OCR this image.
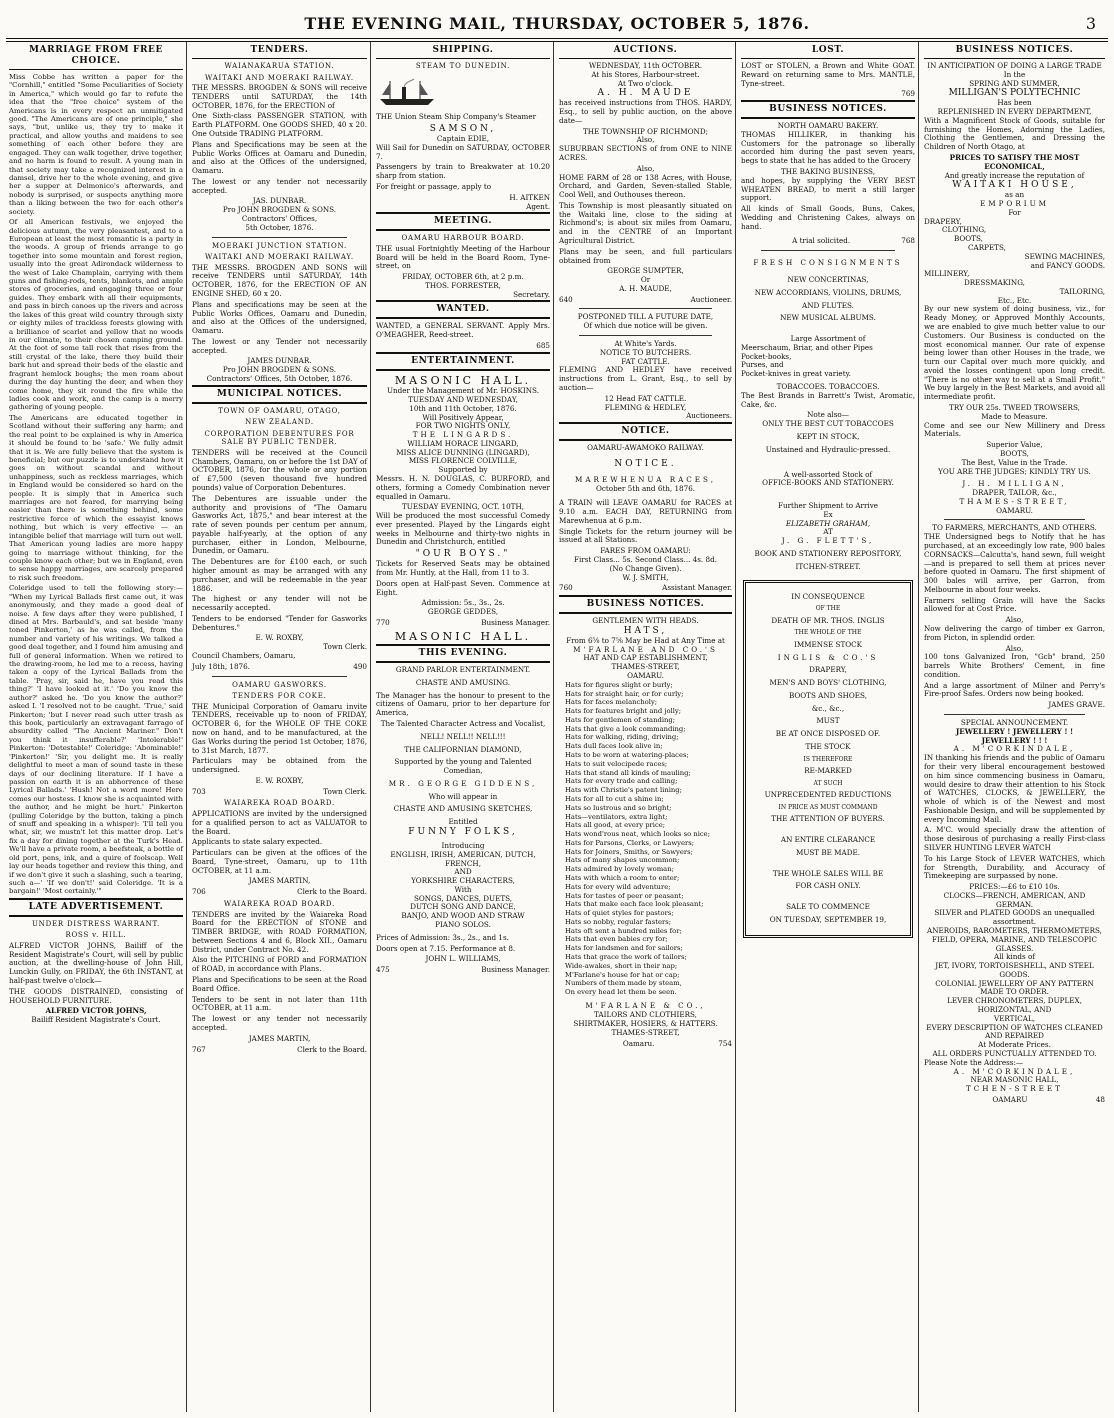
THE EVENING MAIL, THURSDAY, OCTOBER 5, 1876.	3
MARRIAGE FROM FREE CHOICE.

Miss Cobbe has written a paper for the "Cornhill," entitled "Some Peculiarities of Society in America," which would go far to refute the idea that the "free choice" system of the Americans is in every respect an unmitigated good. "The Americans are of one principle," she says, "but, unlike us, they try to make it practical, and allow youths and maidens to see something of each other before they are engaged. They can walk together, drive together, and no harm is found to result. A young man in that society may take a recognized interest in a damsel, drive her to the whole evening, and give her a supper at Delmonico's afterwards, and nobody is surprised, or suspects anything more than a liking between the two for each other's society.

Of all American festivals, we enjoyed the delicious autumn, the very pleasantest, and to a European at least the most romantic is a party in the woods. A group of friends arrange to go together into some mountain and forest region, usually into the great Adirondack wilderness to the west of Lake Champlain, carrying with them guns and fishing-rods, tents, blankets, and ample stores of groceries, and engaging three or four guides. They embark with all their equipments, and pass in birch canoes up the rivers and across the lakes of this great wild country through sixty or eighty miles of trackless forests glowing with a brilliance of scarlet and yellow that no woods in our climate, to their chosen camping ground. At the foot of some tall rock that rises from the still crystal of the lake, there they build their bark hut and spread their beds of the elastic and fragrant hemlock boughs; the men roam about during the day hunting the deer, and when they come home, they sit round the fire while the ladies cook and work, and the camp is a merry gathering of young people.

The Americans are educated together in Scotland without their suffering any harm; and the real point to be explained is why in America it should be found to be 'safe.' We fully admit that it is. We are fully believe that the system is beneficial; but our puzzle is to understand how it goes on without scandal and without unhappiness, such as reckless marriages, which in England would be considered so hard on the people. It is simply that in America such marriages are not feared, for marrying being easier than there is something behind, some restrictive force of which the essayist knows nothing, but which is very effective — an intangible belief that marriage will turn out well. That American young ladies are more happy going to marriage without thinking, for the couple know each other; but we in England, even to sense happy marriages, are scarcely prepared to risk such freedom.

Coleridge used to tell the following story:— "When my Lyrical Ballads first came out, it was anonymously, and they made a good deal of noise. A few days after they were published, I dined at Mrs. Barbauld's, and sat beside 'many toned Pinkerton,' as he was called, from the number and variety of his writings. We talked a good deal together, and I found him amusing and full of general information. When we retired to the drawing-room, he led me to a recess, having taken a copy of the Lyrical Ballads from the table. 'Pray, sir, said he, have you read this thing?' 'I have looked at it.' 'Do you know the author?' asked he. 'Do you know the author?' asked I. 'I resolved not to be caught. 'True,' said Pinkerton; 'but I never read such utter trash as this book, particularly an extravagant farrago of absurdity called "The Ancient Mariner." Don't you think it insufferable?' 'Intolerable!' Pinkerton: 'Detestable!' Coleridge: 'Abominable!' 'Pinkerton!' 'Sir, you delight me. It is really delightful to meet a man of sound taste in these days of our declining literature. If I have a passion on earth it is an abhorrence of these Lyrical Ballads.' 'Hush! Not a word more! Here comes our hostess. I know she is acquainted with the author, and he might be hurt.' Pinkerton (pulling Coleridge by the button, taking a pinch of snuff and speaking in a whisper): 'I'll tell you what, sir, we mustn't let this matter drop. Let's fix a day for dining together at the Turk's Head. We'll have a private room, a beefsteak, a bottle of old port, pens, ink, and a quire of foolscap. Well lay our heads together and review this thing, and if we don't give it such a slashing, such a tearing, such a—' 'If we don't!' said Coleridge. 'It is a bargain!' 'Most certainly.'"

LATE ADVERTISEMENT.
UNDER DISTRESS WARRANT.
ROSS v. HILL.

ALFRED VICTOR JOHNS, Bailiff of the Resident Magistrate's Court, will sell by public auction, at the dwelling-house of John Hill, Lunckin Gully, on FRIDAY, the 6th INSTANT, at half-past twelve o'clock—

THE GOODS DISTRAINED, consisting of HOUSEHOLD FURNITURE.

ALFRED VICTOR JOHNS,
Bailiff Resident Magistrate's Court.
TENDERS.
WAIANAKARUA STATION.
WAITAKI AND MOERAKI RAILWAY.

THE MESSRS. BROGDEN & SONS will receive TENDERS until SATURDAY, the 14th OCTOBER, 1876, for the ERECTION of

One Sixth-class PASSENGER STATION, with Earth PLATFORM. One GOODS SHED, 40 x 20. One Outside TRADING PLATFORM.

Plans and Specifications may be seen at the Public Works Offices at Oamaru and Dunedin, and also at the Offices of the undersigned, Oamaru.

The lowest or any tender not necessarily accepted.

JAS. DUNBAR.
Pro JOHN BROGDEN & SONS.
Contractors' Offices,
5th October, 1876.
MOERAKI JUNCTION STATION.
WAITAKI AND MOERAKI RAILWAY.

THE MESSRS. BROGDEN AND SONS will receive TENDERS until SATURDAY, 14th OCTOBER, 1876, for the ERECTION OF AN ENGINE SHED, 60 x 20.

Plans and specifications may be seen at the Public Works Offices, Oamaru and Dunedin, and also at the Offices of the undersigned, Oamaru.

The lowest or any Tender not necessarily accepted.

JAMES DUNBAR.
Pro JOHN BROGDEN & SONS.
Contractors' Offices, 5th October, 1876.
MUNICIPAL NOTICES.
TOWN OF OAMARU, OTAGO,
NEW ZEALAND.
CORPORATION DEBENTURES FOR SALE BY PUBLIC TENDER.

TENDERS will be received at the Council Chambers, Oamaru, on or before the 1st DAY of OCTOBER, 1876, for the whole or any portion of £7,500 (seven thousand five hundred pounds) value of Corporation Debentures.

The Debentures are issuable under the authority and provisions of "The Oamaru Gasworks Act, 1875," and bear interest at the rate of seven pounds per centum per annum, payable half-yearly, at the option of any purchaser, either in London, Melbourne, Dunedin, or Oamaru.

The Debentures are for £100 each, or such higher amount as may be arranged with any purchaser, and will be redeemable in the year 1886.

The highest or any tender will not be necessarily accepted.

Tenders to be endorsed "Tender for Gasworks Debentures."

E. W. ROXBY,
Town Clerk.
Council Chambers, Oamaru,
July 18th, 1876.	490
OAMARU GASWORKS.
TENDERS FOR COKE.

THE Municipal Corporation of Oamaru invite TENDERS, receivable up to noon of FRIDAY, OCTOBER 6, for the WHOLE OF THE COKE now on hand, and to be manufactured, at the Gas Works during the period 1st October, 1876, to 31st March, 1877.

Particulars may be obtained from the undersigned.

E. W. ROXBY,
703	Town Clerk.
WAIAREKA ROAD BOARD.

APPLICATIONS are invited by the undersigned for a qualified person to act as VALUATOR to the Board.

Applicants to state salary expected.

Particulars can be given at the offices of the Board, Tyne-street, Oamaru, up to 11th OCTOBER, at 11 a.m.

JAMES MARTIN,
706	Clerk to the Board.
WAIAREKA ROAD BOARD.

TENDERS are invited by the Waiareka Road Board for the ERECTION of STONE and TIMBER BRIDGE, with ROAD FORMATION, between Sections 4 and 6, Block XII., Oamaru District, under Contract No. 42.

Also the PITCHING of FORD and FORMATION of ROAD, in accordance with Plans.

Plans and Specifications to be seen at the Road Board Office.

Tenders to be sent in not later than 11th OCTOBER, at 11 a.m.

The lowest or any tender not necessarily accepted.

JAMES MARTIN,
767	Clerk to the Board.
SHIPPING.
STEAM TO DUNEDIN.

THE Union Steam Ship Company's Steamer

SAMSON,
Captain EDIE,

Will Sail for Dunedin on SATURDAY, OCTOBER 7.

Passengers by train to Breakwater at 10.20 sharp from station.

For freight or passage, apply to

H. AITKEN
Agent.
MEETING.
OAMARU HARBOUR BOARD.

THE usual Fortnightly Meeting of the Harbour Board will be held in the Board Room, Tyne-street, on

FRIDAY, OCTOBER 6th, at 2 p.m.
THOS. FORRESTER,
Secretary.
WANTED.

WANTED, a GENERAL SERVANT. Apply Mrs. O'MEAGHER, Reed-street.

685
ENTERTAINMENT.
MASONIC HALL.
Under the Management of Mr. HOSKINS.
TUESDAY AND WEDNESDAY,
10th and 11th October, 1876.
Will Positively Appear,
FOR TWO NIGHTS ONLY,
THE LINGARDS.
WILLIAM HORACE LINGARD,
MISS ALICE DUNNING (LINGARD),
MISS FLORENCE COLVILLE,
Supported by

Messrs. H. N. DOUGLAS, C. BURFORD, and others, forming a Comedy Combination never equalled in Oamaru.

TUESDAY EVENING, OCT. 10TH,

Will be produced the most successful Comedy ever presented. Played by the Lingards eight weeks in Melbourne and thirty-two nights in Dunedin and Christchurch, entitled

"OUR BOYS."

Tickets for Reserved Seats may be obtained from Mr. Huntly, at the Hall, from 11 to 3.

Doors open at Half-past Seven. Commence at Eight.

Admission: 5s., 3s., 2s.
GEORGE GEDDES,
770	Business Manager.
MASONIC HALL.
THIS EVENING.
GRAND PARLOR ENTERTAINMENT.
CHASTE AND AMUSING.

The Manager has the honour to present to the citizens of Oamaru, prior to her departure for America,

The Talented Character Actress and Vocalist,
NELL! NELL!! NELL!!!
THE CALIFORNIAN DIAMOND,
Supported by the young and Talented Comedian,
MR. GEORGE GIDDENS,
Who will appear in
CHASTE AND AMUSING SKETCHES,
Entitled
FUNNY FOLKS,
Introducing
ENGLISH, IRISH, AMERICAN, DUTCH, FRENCH,
AND
YORKSHIRE CHARACTERS,
With
SONGS, DANCES, DUETS,
DUTCH SONG AND DANCE,
BANJO, AND WOOD AND STRAW
PIANO SOLOS.

Prices of Admission: 3s., 2s., and 1s.

Doors open at 7.15. Performance at 8.

JOHN L. WILLIAMS,
475	Business Manager.
AUCTIONS.
WEDNESDAY, 11th OCTOBER.
At his Stores, Harbour-street.
At Two o'clock.
A. H. MAUDE

has received instructions from THOS. HARDY, Esq., to sell by public auction, on the above date—

THE TOWNSHIP OF RICHMOND;
Also,

SUBURBAN SECTIONS of from ONE to NINE ACRES.

Also,

HOME FARM of 28 or 138 Acres, with House, Orchard, and Garden, Seven-stalled Stable, Cool Well, and Outhouses thereon.

This Township is most pleasantly situated on the Waitaki line, close to the siding at Richmond's; is about six miles from Oamaru, and in the CENTRE of an Important Agricultural District.

Plans may be seen, and full particulars obtained from

GEORGE SUMPTER,
Or
A. H. MAUDE,
640	Auctioneer.
POSTPONED TILL A FUTURE DATE,
Of which due notice will be given.
At White's Yards.
NOTICE TO BUTCHERS.
FAT CATTLE.

FLEMING AND HEDLEY have received instructions from L. Grant, Esq., to sell by auction—

12 Head FAT CATTLE.
FLEMING & HEDLEY,
Auctioneers.
NOTICE.
OAMARU-AWAMOKO RAILWAY.
NOTICE.
MAREWHENUA RACES,
October 5th and 6th, 1876.

A TRAIN will LEAVE OAMARU for RACES at 9.10 a.m. EACH DAY, RETURNING from Marewhenua at 6 p.m.

Single Tickets for the return journey will be issued at all Stations.

FARES FROM OAMARU:
First Class... 5s. Second Class... 4s. 8d.
(No Change Given).
W. J. SMITH,
760	Assistant Manager.
BUSINESS NOTICES.
GENTLEMEN WITH HEADS.
HATS,
From 6⅝ to 7⅝ May be Had at Any Time at
M'FARLANE AND CO.'S
HAT AND CAP ESTABLISHMENT,
THAMES-STREET,
OAMARU.
Hats for figures slight or burly;
Hats for straight hair, or for curly;
Hats for faces melancholy;
Hats for features bright and jolly;
Hats for gentlemen of standing;
Hats that give a look commanding;
Hats for walking, riding, driving;
Hats dull faces look alive in;
Hats to be worn at watering-places;
Hats to suit velocipede races;
Hats that stand all kinds of mauling;
Hats for every trade and calling;
Hats with Christie's patent lining;
Hats for all to cut a shine in;
Hats so lustrous and so bright;
Hats—ventilators, extra light;
Hats all good, at every price;
Hats wond'rous neat, which looks so nice;
Hats for Parsons, Clerks, or Lawyers;
Hats for Joiners, Smiths, or Sawyers;
Hats of many shapes uncommon;
Hats admired by lovely woman;
Hats with which a room to enter;
Hats for every wild adventure;
Hats for tastes of peer or peasant;
Hats that make each face look pleasant;
Hats of quiet styles for pastors;
Hats so nobby, regular fasters;
Hats oft sent a hundred miles for;
Hats that even babies cry for;
Hats for landsmen and for sailors;
Hats that grace the work of tailors;
Wide-awakes, short in their nap;
M'Farlane's house for hat or cap;
Numbers of them made by steam,
On every head let them be seen.
M'FARLANE & CO.,
TAILORS AND CLOTHIERS,
SHIRTMAKER, HOSIERS, & HATTERS.
THAMES-STREET,
Oamaru.	754
LOST.

LOST or STOLEN, a Brown and White GOAT. Reward on returning same to Mrs. MANTLE, Tyne-street.

769
BUSINESS NOTICES.
NORTH OAMARU BAKERY.

THOMAS HILLIKER, in thanking his Customers for the patronage so liberally accorded him during the past seven years, begs to state that he has added to the Grocery

THE BAKING BUSINESS,

and hopes, by supplying the VERY BEST WHEATEN BREAD, to merit a still larger support.

All kinds of Small Goods, Buns, Cakes, Wedding and Christening Cakes, always on hand.

A trial solicited.	768
FRESH CONSIGNMENTS
NEW CONCERTINAS,
NEW ACCORDIANS, VIOLINS, DRUMS,
AND FLUTES.
NEW MUSICAL ALBUMS.
Large Assortment of
Meerschaum, Briar, and other Pipes
Pocket-books,
Purses, and
Pocket-knives in great variety.
TOBACCOES. TOBACCOES.

The Best Brands in Barrett's Twist, Aromatic, Cake, &c.

Note also—
ONLY THE BEST CUT TOBACCOES
KEPT IN STOCK,
Unstained and Hydraulic-pressed.
A well-assorted Stock of
OFFICE-BOOKS AND STATIONERY.
Further Shipment to Arrive
Ex
ELIZABETH GRAHAM,
AT
J. G. FLETT'S,
BOOK AND STATIONERY REPOSITORY,
ITCHEN-STREET.
IN CONSEQUENCE
OF THE
DEATH OF MR. THOS. INGLIS
THE WHOLE OF THE
IMMENSE STOCK
INGLIS & CO.'S
DRAPERY,
MEN'S AND BOYS' CLOTHING,
BOOTS AND SHOES,
&c., &c.,
MUST
BE AT ONCE DISPOSED OF.
THE STOCK
IS THEREFORE
RE-MARKED
AT SUCH
UNPRECEDENTED REDUCTIONS
IN PRICE AS MUST COMMAND
THE ATTENTION OF BUYERS.
AN ENTIRE CLEARANCE
MUST BE MADE.
THE WHOLE SALES WILL BE
FOR CASH ONLY.
SALE TO COMMENCE
ON TUESDAY, SEPTEMBER 19,
BUSINESS NOTICES.
IN ANTICIPATION OF DOING A LARGE TRADE
In the
SPRING AND SUMMER,
MILLIGAN'S POLYTECHNIC
Has been
REPLENISHED IN EVERY DEPARTMENT,

With a Magnificent Stock of Goods, suitable for furnishing the Homes, Adorning the Ladies, Clothing the Gentlemen, and Dressing the Children of North Otago, at

PRICES TO SATISFY THE MOST ECONOMICAL,
And greatly increase the reputation of
WAITAKI HOUSE,
as an
EMPORIUM
For
DRAPERY,
CLOTHING,
BOOTS,
CARPETS,
SEWING MACHINES,
and FANCY GOODS.
MILLINERY,
DRESSMAKING,
TAILORING,
Etc., Etc.

By our new system of doing business, viz., for Ready Money, or Approved Monthly Accounts, we are enabled to give much better value to our Customers. Our Business is conducted on the most economical manner. Our rate of expense being lower than other Houses in the trade, we turn our Capital over much more quickly, and avoid the losses contingent upon long credit. "There is no other way to sell at a Small Profit." We buy largely in the Best Markets, and avoid all intermediate profit.

TRY OUR 25s. TWEED TROWSERS,
Made to Measure.

Come and see our New Millinery and Dress Materials.

Superior Value,
BOOTS,
The Best, Value in the Trade.
YOU ARE THE JUDGES; KINDLY TRY US.
J. H. MILLIGAN,
DRAPER, TAILOR, &c.,
THAMES-STREET,
OAMARU.
TO FARMERS, MERCHANTS, AND OTHERS.

THE Undersigned begs to Notify that he has purchased, at an exceedingly low rate, 900 bales CORNSACKS—Calcutta's, hand sewn, full weight—and is prepared to sell them at prices never before quoted in Oamaru. The first shipment of 300 bales will arrive, per Garron, from Melbourne in about four weeks.

Farmers selling Grain will have the Sacks allowed for at Cost Price.

Also,

Now delivering the cargo of timber ex Garron, from Picton, in splendid order.

Also,

100 tons Galvanized Iron, "Gcb" brand, 250 barrels White Brothers' Cement, in fine condition.

And a large assortment of Milner and Perry's Fire-proof Safes. Orders now being booked.

JAMES GRAVE.
SPECIAL ANNOUNCEMENT.
JEWELLERY ! JEWELLERY ! !
JEWELLERY ! ! !
A. M'CORKINDALE,

IN thanking his friends and the public of Oamaru for their very liberal encouragement bestowed on him since commencing business in Oamaru, would desire to draw their attention to his Stock of WATCHES, CLOCKS, & JEWELLERY, the whole of which is of the Newest and most Fashionable Design, and will be supplemented by every Incoming Mail.

A. M'C. would specially draw the attention of those desirous of purchasing a really First-class SILVER HUNTING LEVER WATCH

To his Large Stock of LEVER WATCHES, which for Strength, Durability, and Accuracy of Timekeeping are surpassed by none.

PRICES:—£6 to £10 10s.
CLOCKS—FRENCH, AMERICAN, AND GERMAN.
SILVER and PLATED GOODS an unequalled assortment.
ANEROIDS, BAROMETERS, THERMOMETERS, FIELD, OPERA, MARINE, AND TELESCOPIC GLASSES.
All kinds of
JET, IVORY, TORTOISESHELL, AND STEEL GOODS.
COLONIAL JEWELLERY OF ANY PATTERN MADE TO ORDER.
LEVER CHRONOMETERS, DUPLEX, HORIZONTAL, AND
VERTICAL,
EVERY DESCRIPTION OF WATCHES CLEANED AND REPAIRED
At Moderate Prices.
ALL ORDERS PUNCTUALLY ATTENDED TO.
Please Note the Address:—
A. M'CORKINDALE,
NEAR MASONIC HALL,
TCHEN-STREET
OAMARU	48
